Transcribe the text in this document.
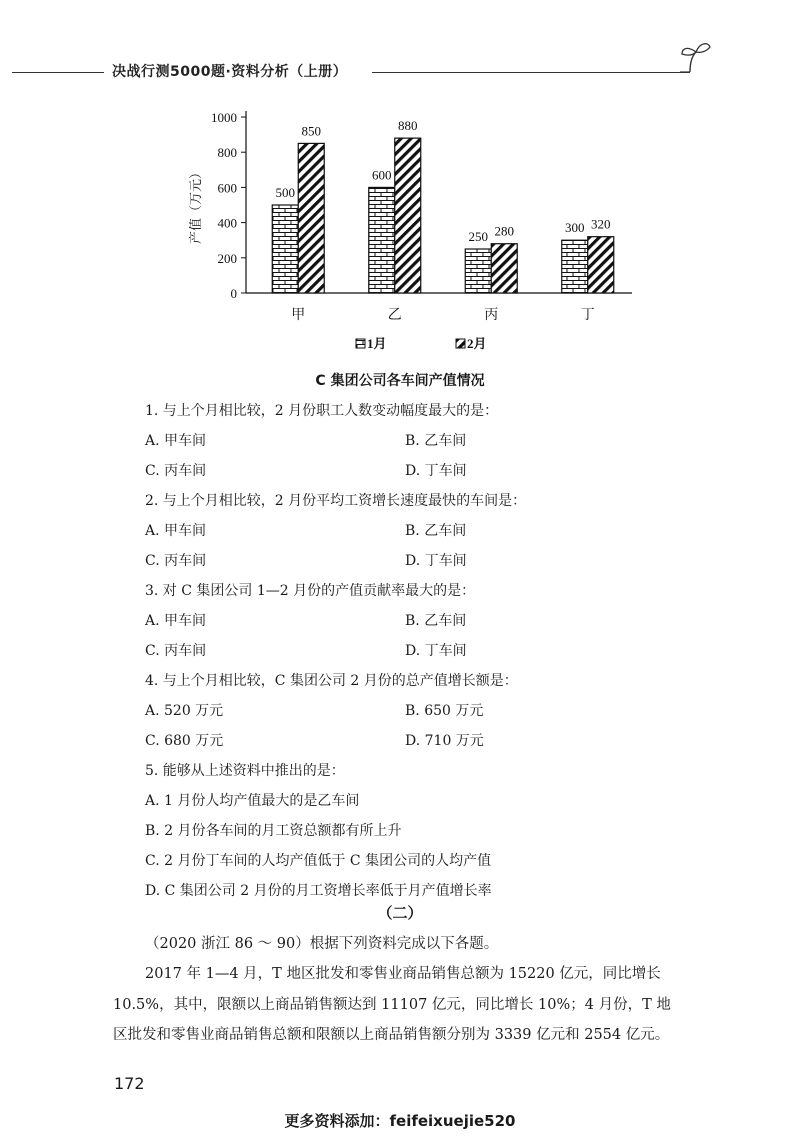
决战行测5000题·资料分析（上册）
0
200
400
600
800
1000
产值（万元）	500
850
甲
600
880
乙
250 280
丙
300 320
丁
1月	2月
C 集团公司各车间产值情况
1. 与上个月相比较，2 月份职工人数变动幅度最大的是：
A. 甲车间	B. 乙车间
C. 丙车间	D. 丁车间
2. 与上个月相比较，2 月份平均工资增长速度最快的车间是：
A. 甲车间	B. 乙车间
C. 丙车间	D. 丁车间
3. 对 C 集团公司 1—2 月份的产值贡献率最大的是：
A. 甲车间	B. 乙车间
C. 丙车间	D. 丁车间
4. 与上个月相比较，C 集团公司 2 月份的总产值增长额是：
A. 520 万元	B. 650 万元
C. 680 万元	D. 710 万元
5. 能够从上述资料中推出的是：
A. 1 月份人均产值最大的是乙车间
B. 2 月份各车间的月工资总额都有所上升
C. 2 月份丁车间的人均产值低于 C 集团公司的人均产值
D. C 集团公司 2 月份的月工资增长率低于月产值增长率
（二）
（2020 浙江 86 ～ 90）根据下列资料完成以下各题。
2017 年 1—4 月，T 地区批发和零售业商品销售总额为 15220 亿元，同比增长
10.5%，其中，限额以上商品销售额达到 11107 亿元，同比增长 10%；4 月份，T 地
区批发和零售业商品销售总额和限额以上商品销售额分别为 3339 亿元和 2554 亿元。
172
更多资料添加：feifeixuejie520
